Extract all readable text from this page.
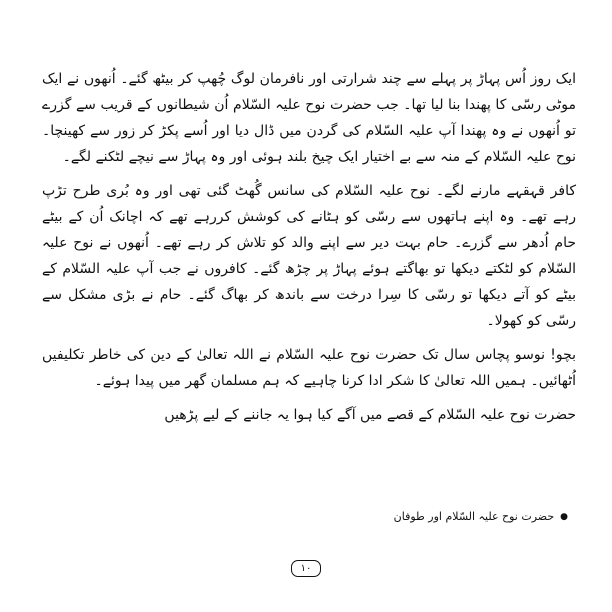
ایک روز اُس پہاڑ پر پہلے سے چند شرارتی اور نافرمان لوگ چُھپ کر بیٹھ گئے۔ اُنھوں نے ایک موٹی رسّی کا پھندا بنا لیا تھا۔ جب حضرت نوح علیہ السّلام اُن شیطانوں کے قریب سے گزرے تو اُنھوں نے وہ پھندا آپ علیہ السّلام کی گردن میں ڈال دیا اور اُسے پکڑ کر زور سے کھینچا۔ نوح علیہ السّلام کے منہ سے بے اختیار ایک چیخ بلند ہوئی اور وہ پہاڑ سے نیچے لٹکنے لگے۔

کافر قہقہے مارنے لگے۔ نوح علیہ السّلام کی سانس گُھٹ گئی تھی اور وہ بُری طرح تڑپ رہے تھے۔ وہ اپنے ہاتھوں سے رسّی کو ہٹانے کی کوشش کررہے تھے کہ اچانک اُن کے بیٹے حام اُدھر سے گزرے۔ حام بہت دیر سے اپنے والد کو تلاش کر رہے تھے۔ اُنھوں نے نوح علیہ السّلام کو لٹکتے دیکھا تو بھاگتے ہوئے پہاڑ پر چڑھ گئے۔ کافروں نے جب آپ علیہ السّلام کے بیٹے کو آتے دیکھا تو رسّی کا سِرا درخت سے باندھ کر بھاگ گئے۔ حام نے بڑی مشکل سے رسّی کو کھولا۔

بچو! نوسو پچاس سال تک حضرت نوح علیہ السّلام نے اللہ تعالیٰ کے دین کی خاطر تکلیفیں اُٹھائیں۔ ہمیں اللہ تعالیٰ کا شکر ادا کرنا چاہیے کہ ہم مسلمان گھر میں پیدا ہوئے۔

حضرت نوح علیہ السّلام کے قصے میں آگے کیا ہوا یہ جاننے کے لیے پڑھیں

●
حضرت نوح علیہ السّلام اور طوفان
۱۰
